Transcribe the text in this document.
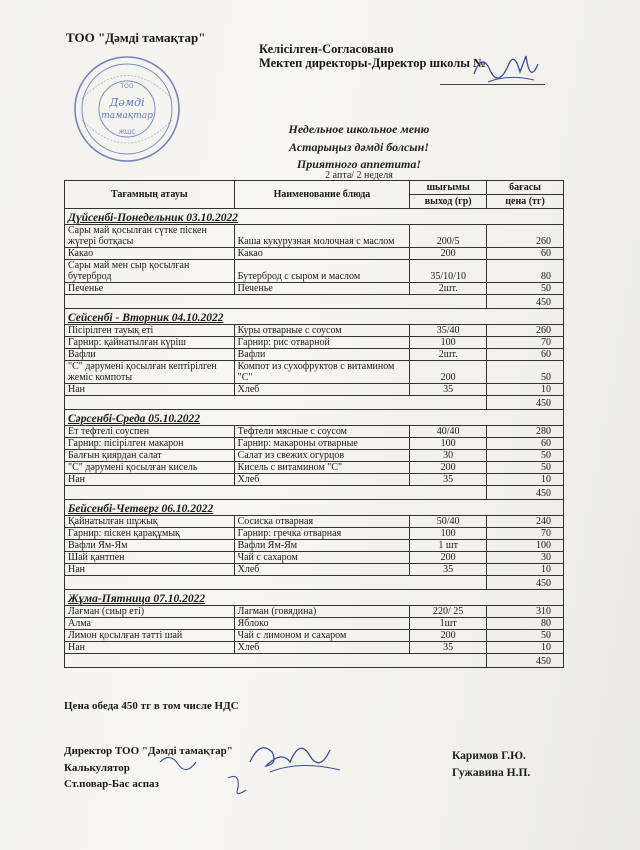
ТОО "Дәмді тамақтар"
Келісілген-Согласовано
Мектеп директоры-Директор школы №
ТОО
Дәмді
тамақтар
ЖШС	Недельное школьное меню
Астарыңыз дәмді болсын!
Приятного аппетита!
2 апта/ 2 неделя
Тағамның атауы	Наименование блюда	шығымы	бағасы
		выход (гр)	цена (тг)
Дүйсенбі-Понедельник 03.10.2022			
Сары май қосылған сүтке піскен жүгері ботқасы	Каша кукурузная молочная с маслом	200/5	260
Какао	Какао	200	60
Сары май мен сыр қосылған бутерброд	Бутерброд с сыром и маслом	35/10/10	80
Печенье	Печенье	2шт.	50
			450
Сейсенбі - Вторник 04.10.2022			
Пісірілген тауық еті	Куры отварные с соусом	35/40	260
Гарнир: қайнатылған күріш	Гарнир: рис отварной	100	70
Вафли	Вафли	2шт.	60
"С" дәрумені қосылған кептірілген жеміс компоты	Компот из сухофруктов с витамином "С"	200	50
Нан	Хлеб	35	10
			450
Сәрсенбі-Среда 05.10.2022			
Ет тефтелі соуспен	Тефтели мясные с соусом	40/40	280
Гарнир: пісірілген макарон	Гарнир: макароны отварные	100	60
Балғын қиярдан салат	Салат из свежих огурцов	30	50
"С" дәрумені қосылған кисель	Кисель с витамином "С"	200	50
Нан	Хлеб	35	10
			450
Бейсенбі-Четверг 06.10.2022			
Қайнатылған шұжық	Сосиска отварная	50/40	240
Гарнир: піскен қарақұмық	Гарнир: гречка отварная	100	70
Вафли Ям-Ям	Вафли Ям-Ям	1 шт	100
Шай қантпен	Чай с сахаром	200	30
Нан	Хлеб	35	10
			450
Жұма-Пятница 07.10.2022			
Лағман (сиыр еті)	Лагман (говядина)	220/ 25	310
Алма	Яблоко	1шт	80
Лимон қосылған тәтті шай	Чай с лимоном и сахаром	200	50
Нан	Хлеб	35	10
			450
Цена обеда 450 тг в том числе НДС
Директор ТОО "Дәмді тамақтар"
Калькулятор
Ст.повар-Бас аспаз
Каримов Г.Ю.
Гужавина Н.П.
